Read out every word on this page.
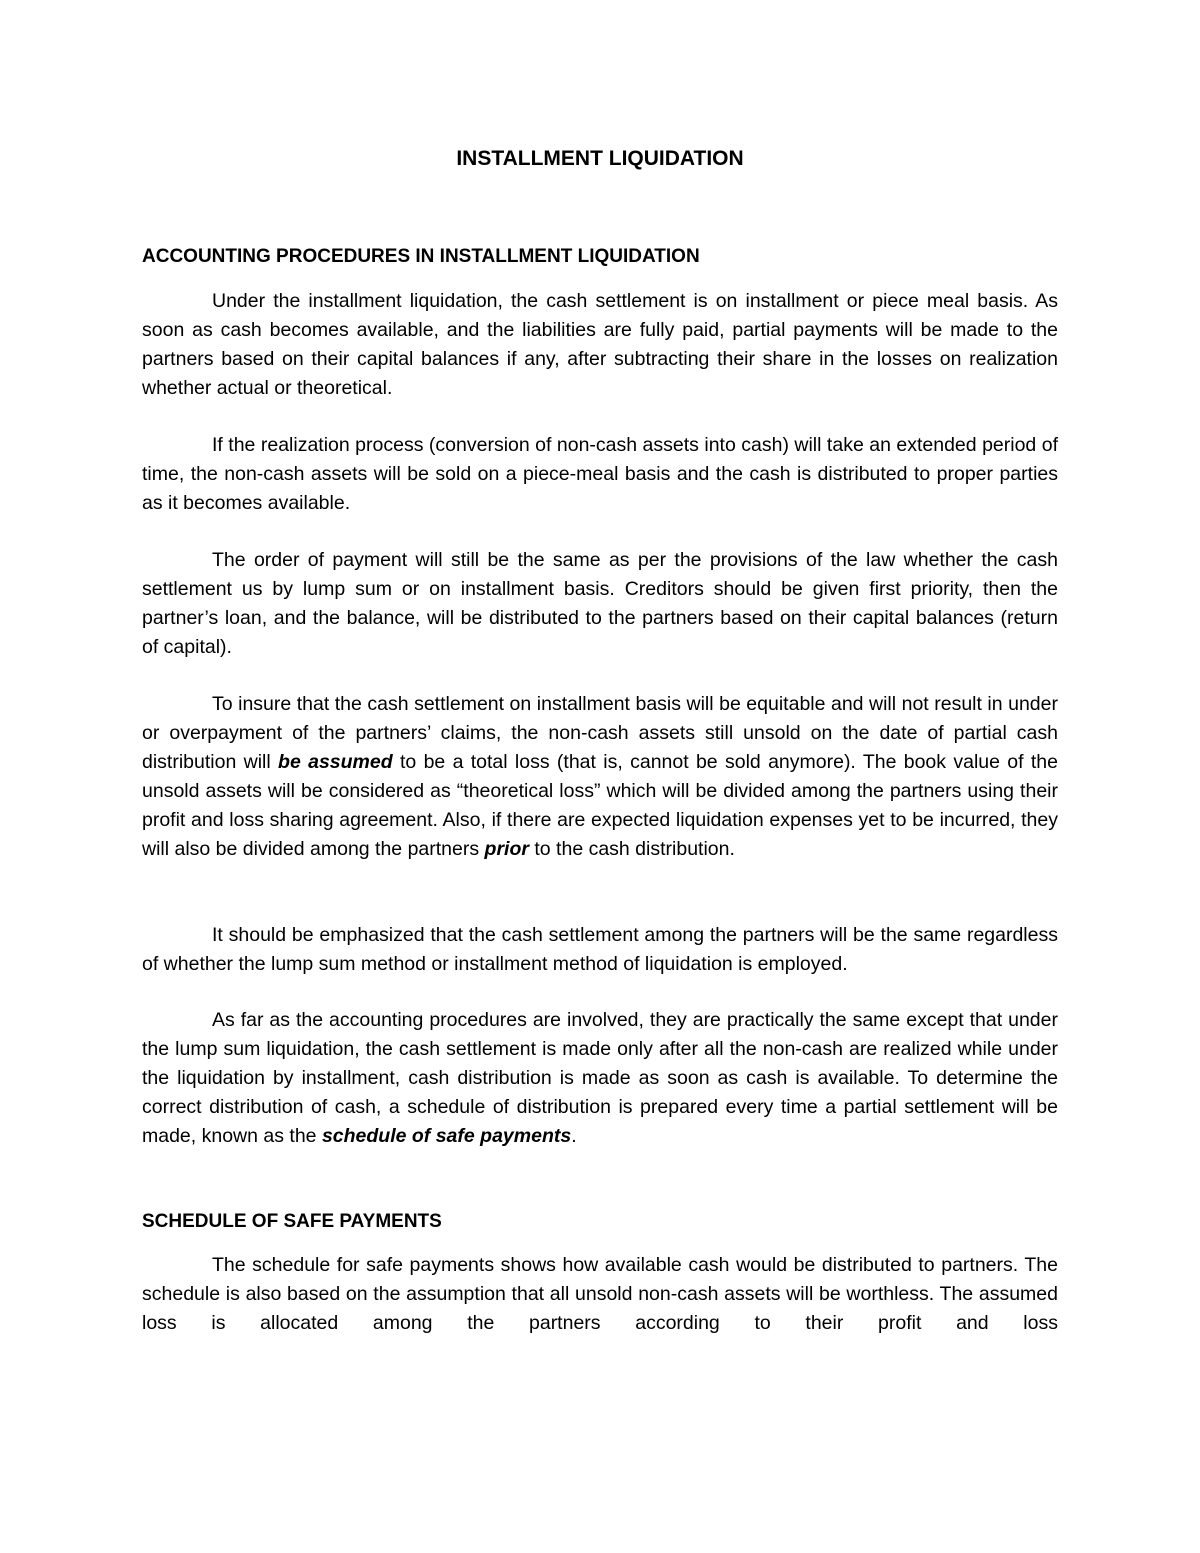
INSTALLMENT LIQUIDATION
ACCOUNTING PROCEDURES IN INSTALLMENT LIQUIDATION

Under the installment liquidation, the cash settlement is on installment or piece meal basis. As soon as cash becomes available, and the liabilities are fully paid, partial payments will be made to the partners based on their capital balances if any, after subtracting their share in the losses on realization whether actual or theoretical.

If the realization process (conversion of non-cash assets into cash) will take an extended period of time, the non-cash assets will be sold on a piece-meal basis and the cash is distributed to proper parties as it becomes available.

The order of payment will still be the same as per the provisions of the law whether the cash settlement us by lump sum or on installment basis. Creditors should be given first priority, then the partner’s loan, and the balance, will be distributed to the partners based on their capital balances (return of capital).

To insure that the cash settlement on installment basis will be equitable and will not result in under or overpayment of the partners’ claims, the non-cash assets still unsold on the date of partial cash distribution will be assumed to be a total loss (that is, cannot be sold anymore). The book value of the unsold assets will be considered as “theoretical loss” which will be divided among the partners using their profit and loss sharing agreement. Also, if there are expected liquidation expenses yet to be incurred, they will also be divided among the partners prior to the cash distribution.

It should be emphasized that the cash settlement among the partners will be the same regardless of whether the lump sum method or installment method of liquidation is employed.

As far as the accounting procedures are involved, they are practically the same except that under the lump sum liquidation, the cash settlement is made only after all the non-cash are realized while under the liquidation by installment, cash distribution is made as soon as cash is available. To determine the correct distribution of cash, a schedule of distribution is prepared every time a partial settlement will be made, known as the schedule of safe payments.

SCHEDULE OF SAFE PAYMENTS

The schedule for safe payments shows how available cash would be distributed to partners. The schedule is also based on the assumption that all unsold non-cash assets will be worthless. The assumed loss is allocated among the partners according to their profit and loss
